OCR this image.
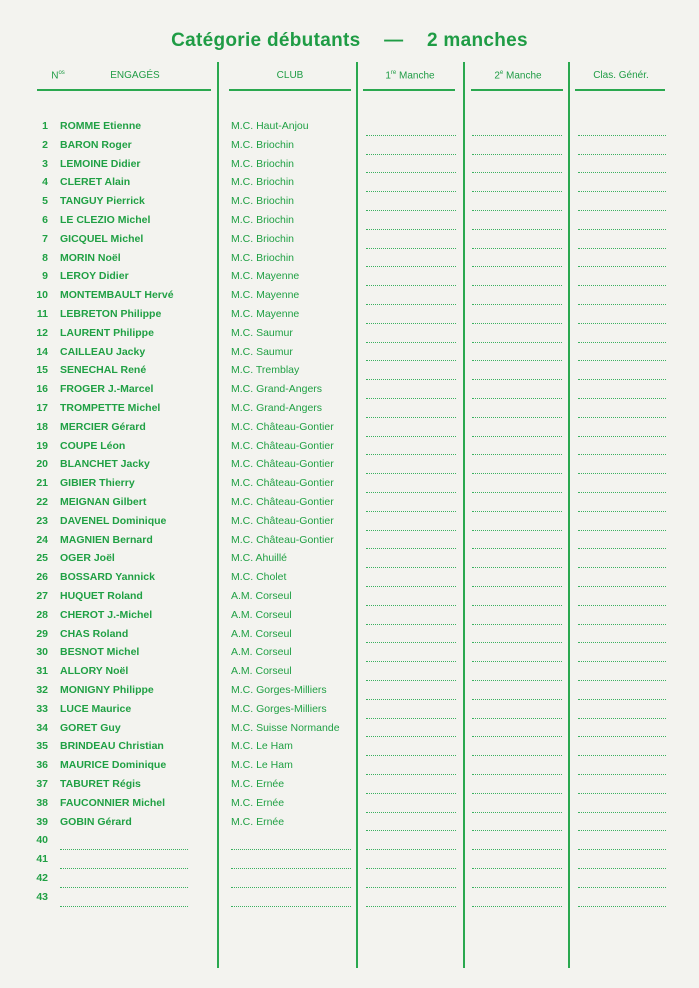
Catégorie débutants — 2 manches
$N^{os}$	ENGAGÉS	CLUB	1re Manche	2e Manche	Clas. Génér.
1 ROMME Etienne	M.C. Haut-Anjou
2 BARON Roger	M.C. Briochin
3 LEMOINE Didier	M.C. Briochin
4 CLERET Alain	M.C. Briochin
5 TANGUY Pierrick	M.C. Briochin
6 LE CLEZIO Michel	M.C. Briochin
7 GICQUEL Michel	M.C. Briochin
8 MORIN Noël	M.C. Briochin
9 LEROY Didier	M.C. Mayenne
10 MONTEMBAULT Hervé	M.C. Mayenne
11 LEBRETON Philippe	M.C. Mayenne
12 LAURENT Philippe	M.C. Saumur
14 CAILLEAU Jacky	M.C. Saumur
15 SENECHAL René	M.C. Tremblay
16 FROGER J.-Marcel	M.C. Grand-Angers
17 TROMPETTE Michel	M.C. Grand-Angers
18 MERCIER Gérard	M.C. Château-Gontier
19 COUPE Léon	M.C. Château-Gontier
20 BLANCHET Jacky	M.C. Château-Gontier
21 GIBIER Thierry	M.C. Château-Gontier
22 MEIGNAN Gilbert	M.C. Château-Gontier
23 DAVENEL Dominique	M.C. Château-Gontier
24 MAGNIEN Bernard	M.C. Château-Gontier
25 OGER Joël	M.C. Ahuillé
26 BOSSARD Yannick	M.C. Cholet
27 HUQUET Roland	A.M. Corseul
28 CHEROT J.-Michel	A.M. Corseul
29 CHAS Roland	A.M. Corseul
30 BESNOT Michel	A.M. Corseul
31 ALLORY Noël	A.M. Corseul
32 MONIGNY Philippe	M.C. Gorges-Milliers
33 LUCE Maurice	M.C. Gorges-Milliers
34 GORET Guy	M.C. Suisse Normande
35 BRINDEAU Christian	M.C. Le Ham
36 MAURICE Dominique	M.C. Le Ham
37 TABURET Régis	M.C. Ernée
38 FAUCONNIER Michel	M.C. Ernée
39 GOBIN Gérard	M.C. Ernée
40
41
42
43
